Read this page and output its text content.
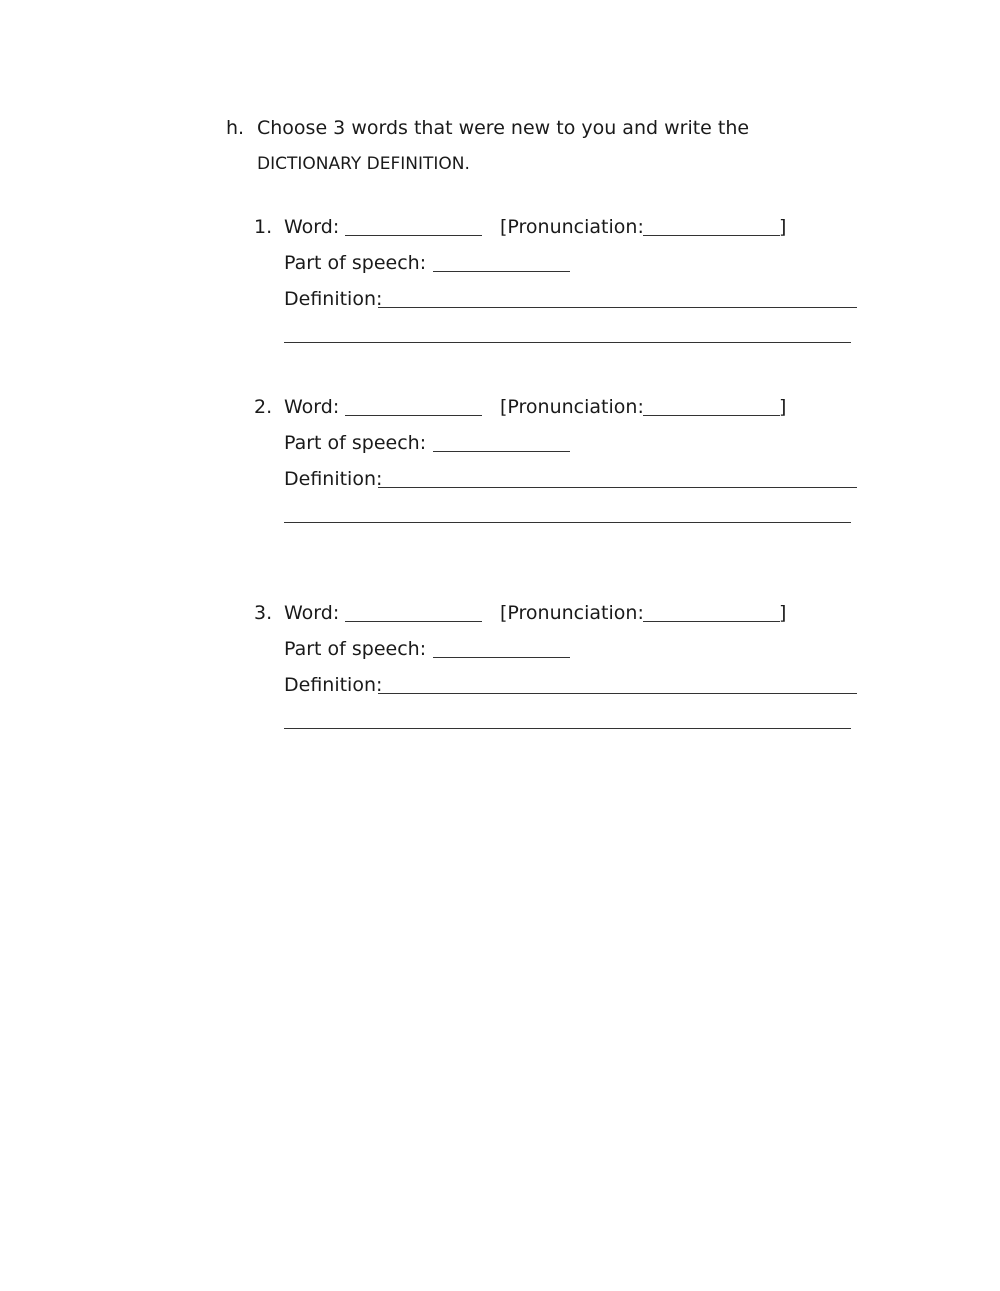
h. Choose 3 words that were new to you and write the
DICTIONARY DEFINITION.
1. Word:	[Pronunciation:	]
Part of speech:
Definition:
2. Word:	[Pronunciation:	]
Part of speech:
Definition:
3. Word:	[Pronunciation:	]
Part of speech:
Definition:
